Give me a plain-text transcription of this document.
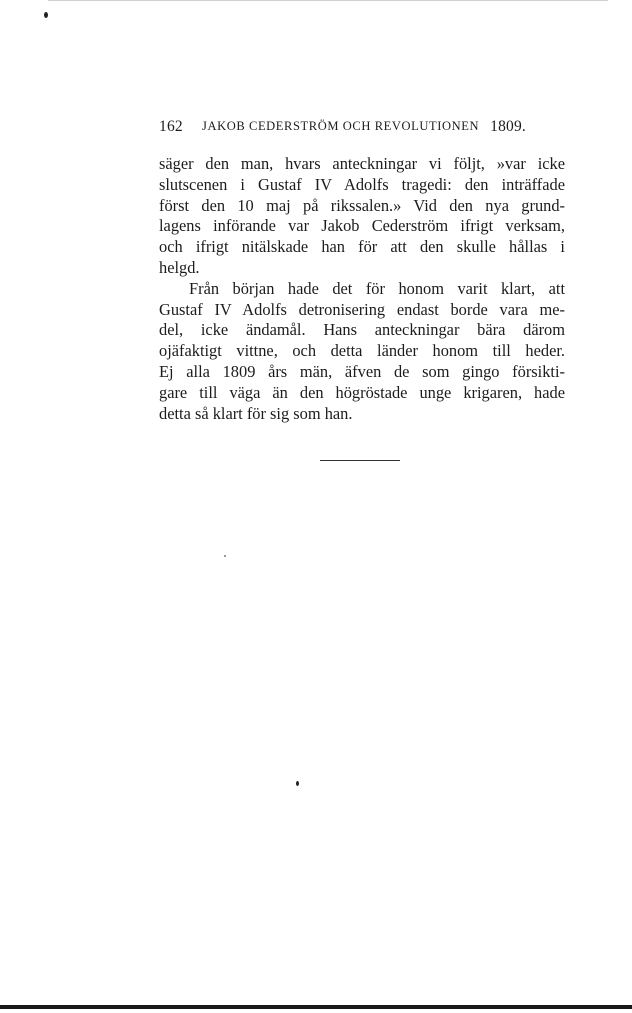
162 JAKOB CEDERSTRÖM OCH REVOLUTIONEN 1809.
säger den man, hvars anteckningar vi följt, »var icke
slutscenen i Gustaf IV Adolfs tragedi: den inträffade
först den 10 maj på rikssalen.» Vid den nya grund-
lagens införande var Jakob Cederström ifrigt verksam,
och ifrigt nitälskade han för att den skulle hållas i
helgd.
Från början hade det för honom varit klart, att
Gustaf IV Adolfs detronisering endast borde vara me-
del, icke ändamål. Hans anteckningar bära därom
ojäfaktigt vittne, och detta länder honom till heder.
Ej alla 1809 års män, äfven de som gingo försikti-
gare till väga än den högröstade unge krigaren, hade
detta så klart för sig som han.
